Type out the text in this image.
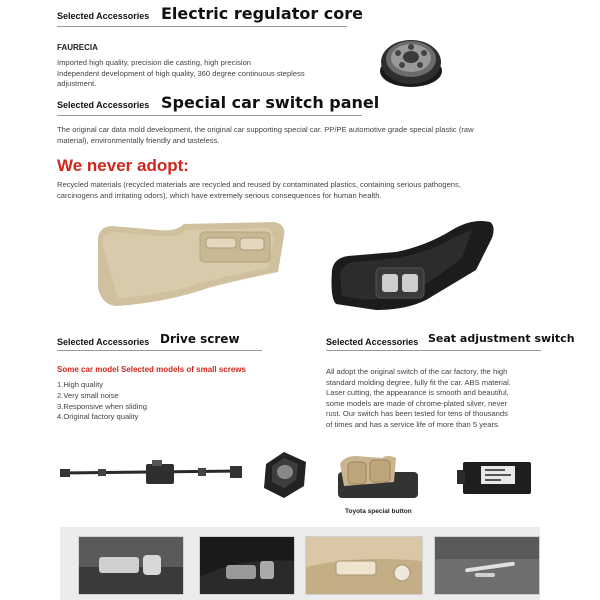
Selected Accessories Electric regulator core
FAURECIA
Imported high quality, precision die casting, high precision
Independent development of high quality, 360 degree continuous stepless
adjustment.
Selected Accessories Special car switch panel
The original car data mold development, the original car supporting special car. PP/PE automotive grade special plastic (raw
material), environmentally friendly and tasteless.
We never adopt:
Recycled materials (recycled materials are recycled and reused by contaminated plastics, containing serious pathogens,
carcinogens and irritating odors), which have extremely serious consequences for human health.
Selected Accessories Drive screw
Some car model Selected models of small screws
1.High quality
2.Very small noise
3.Responsive when sliding
4.Original factory quality
Selected Accessories Seat adjustment switch
All adopt the original switch of the car factory, the high
standard molding degree, fully fit the car. ABS material.
Laser cutting, the appearance is smooth and beautiful,
some models are made of chrome-plated silver, never
rust. Our switch has been tested for tens of thousands
of times and has a service life of more than 5 years.
Toyota special button
